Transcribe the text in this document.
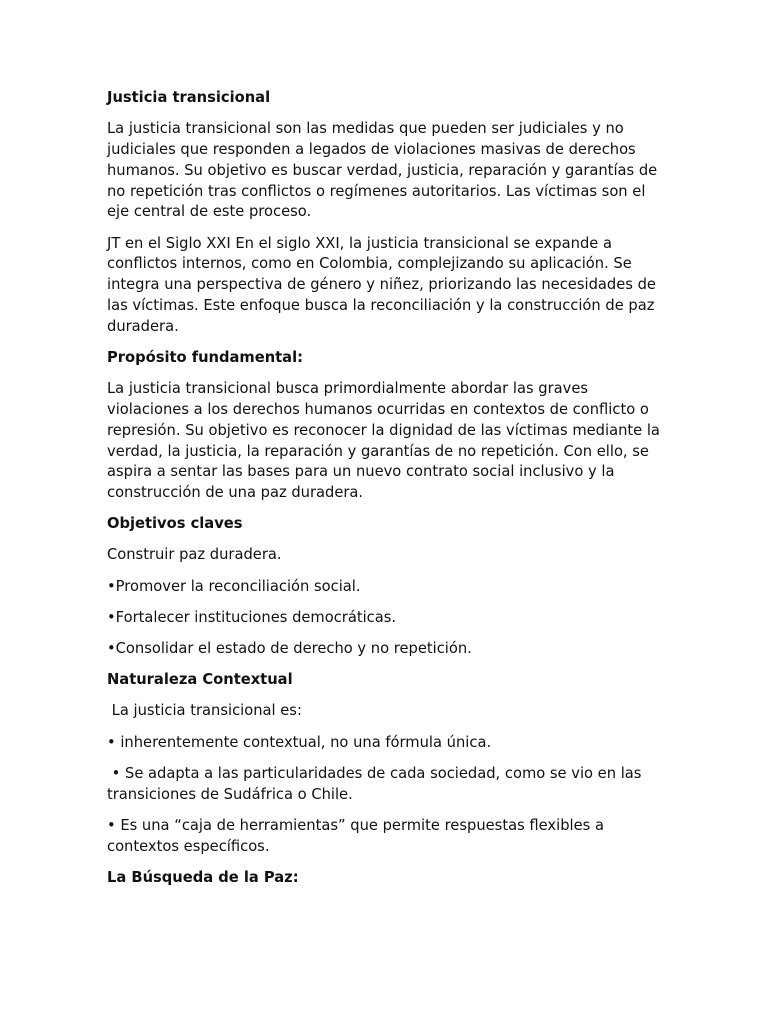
Justicia transicional

La justicia transicional son las medidas que pueden ser judiciales y no judiciales que responden a legados de violaciones masivas de derechos humanos. Su objetivo es buscar verdad, justicia, reparación y garantías de no repetición tras conflictos o regímenes autoritarios. Las víctimas son el eje central de este proceso.

JT en el Siglo XXI En el siglo XXI, la justicia transicional se expande a conflictos internos, como en Colombia, complejizando su aplicación. Se integra una perspectiva de género y niñez, priorizando las necesidades de las víctimas. Este enfoque busca la reconciliación y la construcción de paz duradera.

Propósito fundamental:

La justicia transicional busca primordialmente abordar las graves violaciones a los derechos humanos ocurridas en contextos de conflicto o represión. Su objetivo es reconocer la dignidad de las víctimas mediante la verdad, la justicia, la reparación y garantías de no repetición. Con ello, se aspira a sentar las bases para un nuevo contrato social inclusivo y la construcción de una paz duradera.

Objetivos claves

Construir paz duradera.

•Promover la reconciliación social.

•Fortalecer instituciones democráticas.

•Consolidar el estado de derecho y no repetición.

Naturaleza Contextual

La justicia transicional es:

• inherentemente contextual, no una fórmula única.

• Se adapta a las particularidades de cada sociedad, como se vio en las transiciones de Sudáfrica o Chile.

• Es una “caja de herramientas” que permite respuestas flexibles a contextos específicos.

La Búsqueda de la Paz:
